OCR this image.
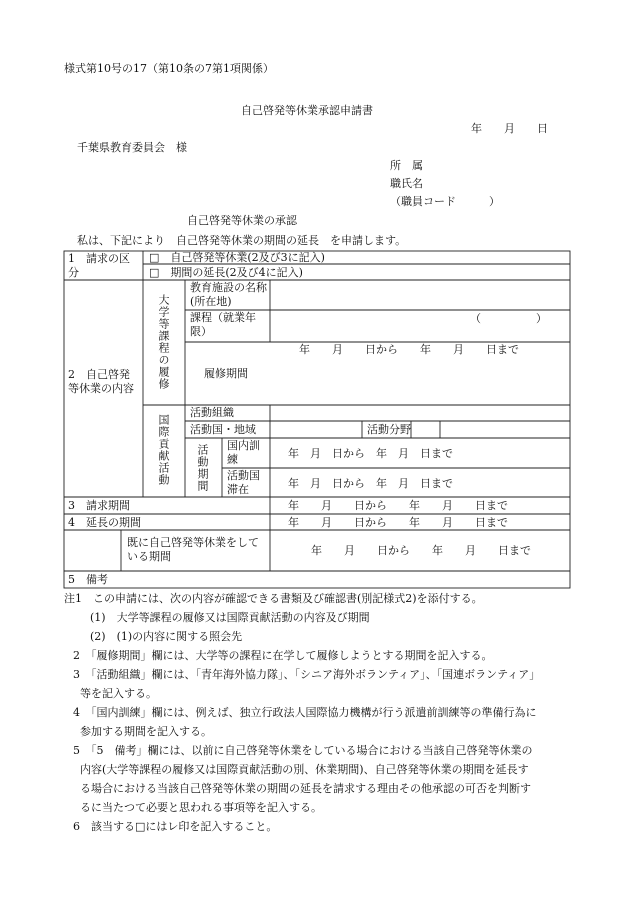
様式第10号の17（第10条の7第1項関係）
自己啓発等休業承認申請書
年　　月　　日
千葉県教育委員会　様
所　属
職氏名
（職員コード　　　）
自己啓発等休業の承認
私は、下記により　自己啓発等休業の期間の延長　を申請します。
1　請求の区分
□　自己啓発等休業(2及び3に記入)
□　期間の延長(2及び4に記入)
2　自己啓発等休業の内容	大学等課程の履修
教育施設の名称(所在地)
課程（就業年限）
（　　　　　）
履修期間
年　　月　　日から　　年　　月　　日まで
国際貢献活動
活動組織
活動国・地域	活動分野
活動期間 国内訓練	年　月　日から　年　月　日まで
活動国滞在	年　月　日から　年　月　日まで
3　請求期間	年　　月　　日から　　年　　月　　日まで
4　延長の期間	年　　月　　日から　　年　　月　　日まで
既に自己啓発等休業をしている期間	年　　月　　日から　　年　　月　　日まで
5　備考
注1　この申請には、次の内容が確認できる書類及び確認書(別記様式2)を添付する。
(1)　大学等課程の履修又は国際貢献活動の内容及び期間
(2)　(1)の内容に関する照会先
2　「履修期間」欄には、大学等の課程に在学して履修しようとする期間を記入する。
3　「活動組織」欄には、「青年海外協力隊」、「シニア海外ボランティア」、「国連ボランティア」
等を記入する。
4　「国内訓練」欄には、例えば、独立行政法人国際協力機構が行う派遣前訓練等の準備行為に
参加する期間を記入する。
5　「5　備考」欄には、以前に自己啓発等休業をしている場合における当該自己啓発等休業の
内容(大学等課程の履修又は国際貢献活動の別、休業期間)、自己啓発等休業の期間を延長す
る場合における当該自己啓発等休業の期間の延長を請求する理由その他承認の可否を判断す
るに当たつて必要と思われる事項等を記入する。
6　該当する□にはレ印を記入すること。
